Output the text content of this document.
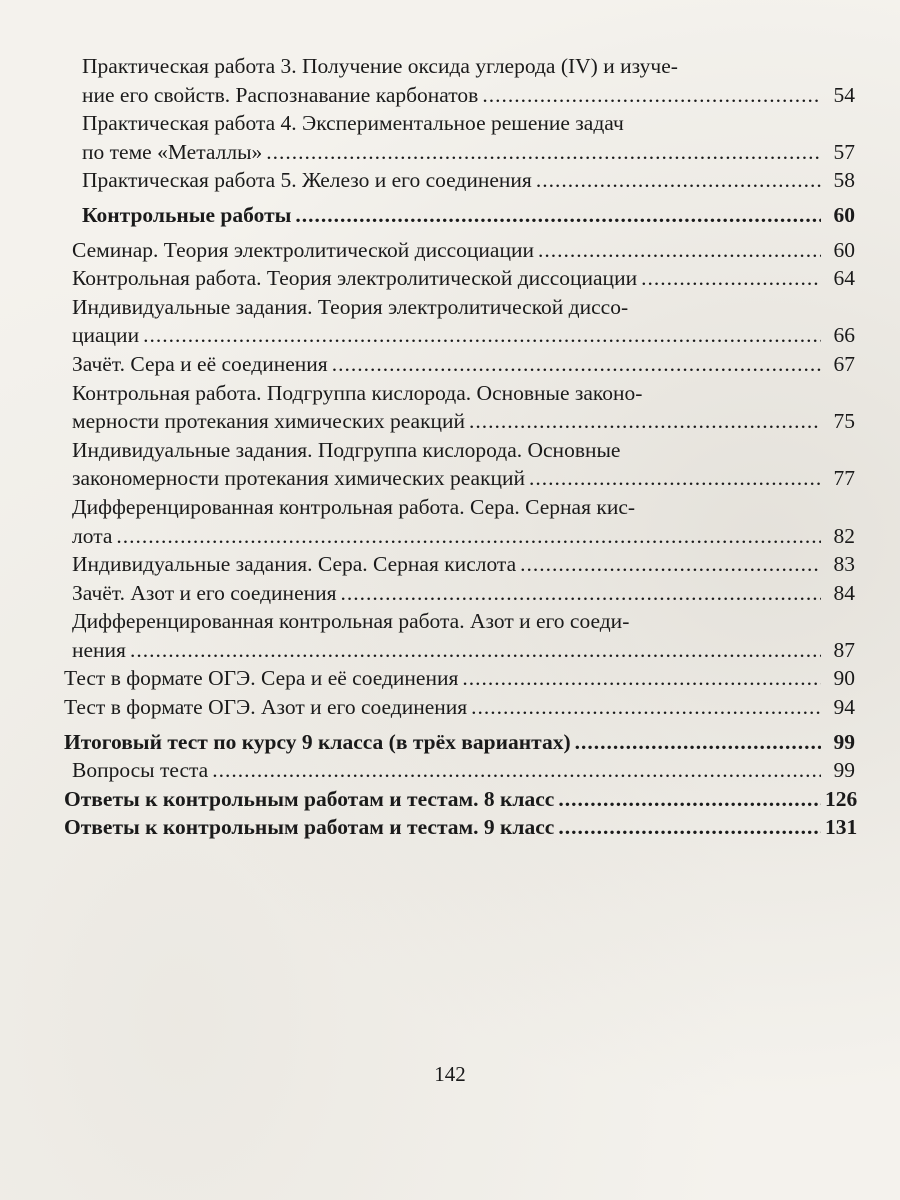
Практическая работа 3. Получение оксида углерода (IV) и изуче-
ние его свойств. Распознавание карбонатов .....	54
Практическая работа 4. Экспериментальное решение задач
по теме «Металлы» .....	57
Практическая работа 5. Железо и его соединения .....	58
Контрольные работы .....	60
Семинар. Теория электролитической диссоциации .....	60
Контрольная работа. Теория электролитической диссоциации .....	64
Индивидуальные задания. Теория электролитической диссо-
циации .....	66
Зачёт. Сера и её соединения .....	67
Контрольная работа. Подгруппа кислорода. Основные законо-
мерности протекания химических реакций .....	75
Индивидуальные задания. Подгруппа кислорода. Основные
закономерности протекания химических реакций .....	77
Дифференцированная контрольная работа. Сера. Серная кис-
лота .....	82
Индивидуальные задания. Сера. Серная кислота .....	83
Зачёт. Азот и его соединения .....	84
Дифференцированная контрольная работа. Азот и его соеди-
нения .....	87
Тест в формате ОГЭ. Сера и её соединения .....	90
Тест в формате ОГЭ. Азот и его соединения .....	94
Итоговый тест по курсу 9 класса (в трёх вариантах) .....	99
Вопросы теста .....	99
Ответы к контрольным работам и тестам. 8 класс .....	126
Ответы к контрольным работам и тестам. 9 класс .....	131
142
